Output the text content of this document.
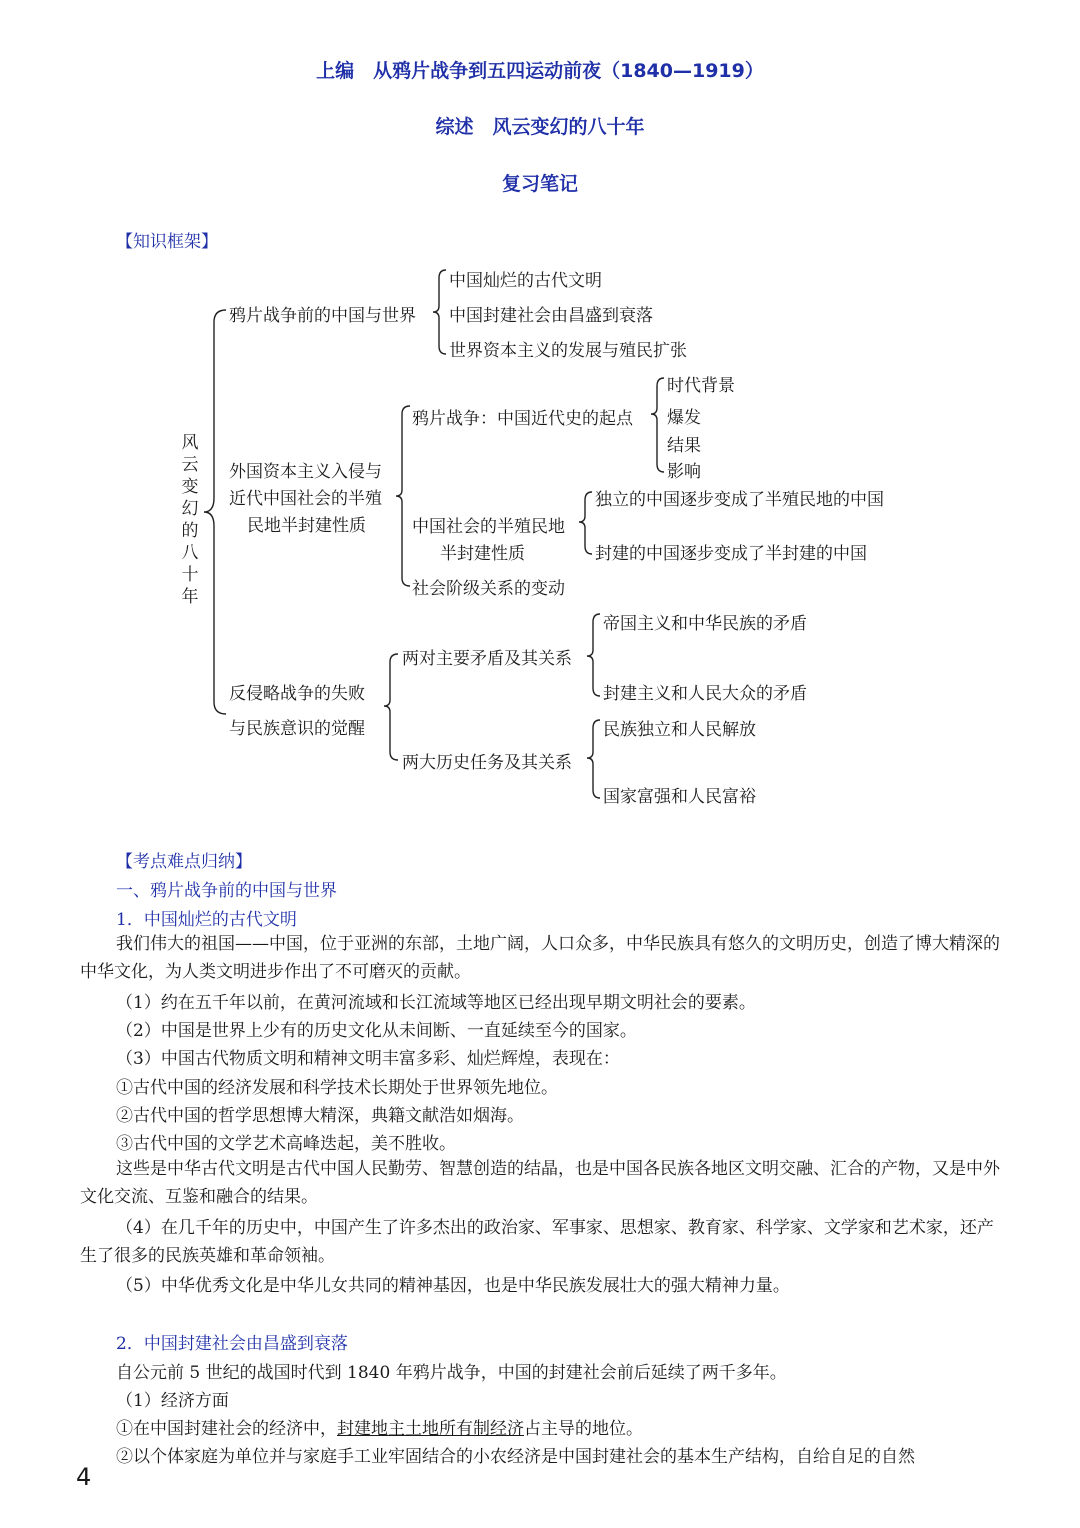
上编　从鸦片战争到五四运动前夜（1840—1919）
综述　风云变幻的八十年
复习笔记
【知识框架】
风
云
变
幻
的
八
十
年
鸦片战争前的中国与世界
中国灿烂的古代文明
中国封建社会由昌盛到衰落
世界资本主义的发展与殖民扩张
外国资本主义入侵与
近代中国社会的半殖
民地半封建性质
鸦片战争：中国近代史的起点
时代背景
爆发
结果
影响
中国社会的半殖民地
半封建性质
独立的中国逐步变成了半殖民地的中国
封建的中国逐步变成了半封建的中国
社会阶级关系的变动
反侵略战争的失败
与民族意识的觉醒
两对主要矛盾及其关系
帝国主义和中华民族的矛盾
封建主义和人民大众的矛盾
两大历史任务及其关系
民族独立和人民解放
国家富强和人民富裕
【考点难点归纳】
一、鸦片战争前的中国与世界
1．中国灿烂的古代文明
我们伟大的祖国——中国，位于亚洲的东部，土地广阔，人口众多，中华民族具有悠久的文明历史，创造了博大精深的中华文化，为人类文明进步作出了不可磨灭的贡献。
（1）约在五千年以前，在黄河流域和长江流域等地区已经出现早期文明社会的要素。
（2）中国是世界上少有的历史文化从未间断、一直延续至今的国家。
（3）中国古代物质文明和精神文明丰富多彩、灿烂辉煌，表现在：
①古代中国的经济发展和科学技术长期处于世界领先地位。
②古代中国的哲学思想博大精深，典籍文献浩如烟海。
③古代中国的文学艺术高峰迭起，美不胜收。
这些是中华古代文明是古代中国人民勤劳、智慧创造的结晶，也是中国各民族各地区文明交融、汇合的产物，又是中外文化交流、互鉴和融合的结果。
（4）在几千年的历史中，中国产生了许多杰出的政治家、军事家、思想家、教育家、科学家、文学家和艺术家，还产生了很多的民族英雄和革命领袖。
（5）中华优秀文化是中华儿女共同的精神基因，也是中华民族发展壮大的强大精神力量。
2．中国封建社会由昌盛到衰落
自公元前 5 世纪的战国时代到 1840 年鸦片战争，中国的封建社会前后延续了两千多年。
（1）经济方面
①在中国封建社会的经济中，封建地主土地所有制经济占主导的地位。
②以个体家庭为单位并与家庭手工业牢固结合的小农经济是中国封建社会的基本生产结构，自给自足的自然
4
